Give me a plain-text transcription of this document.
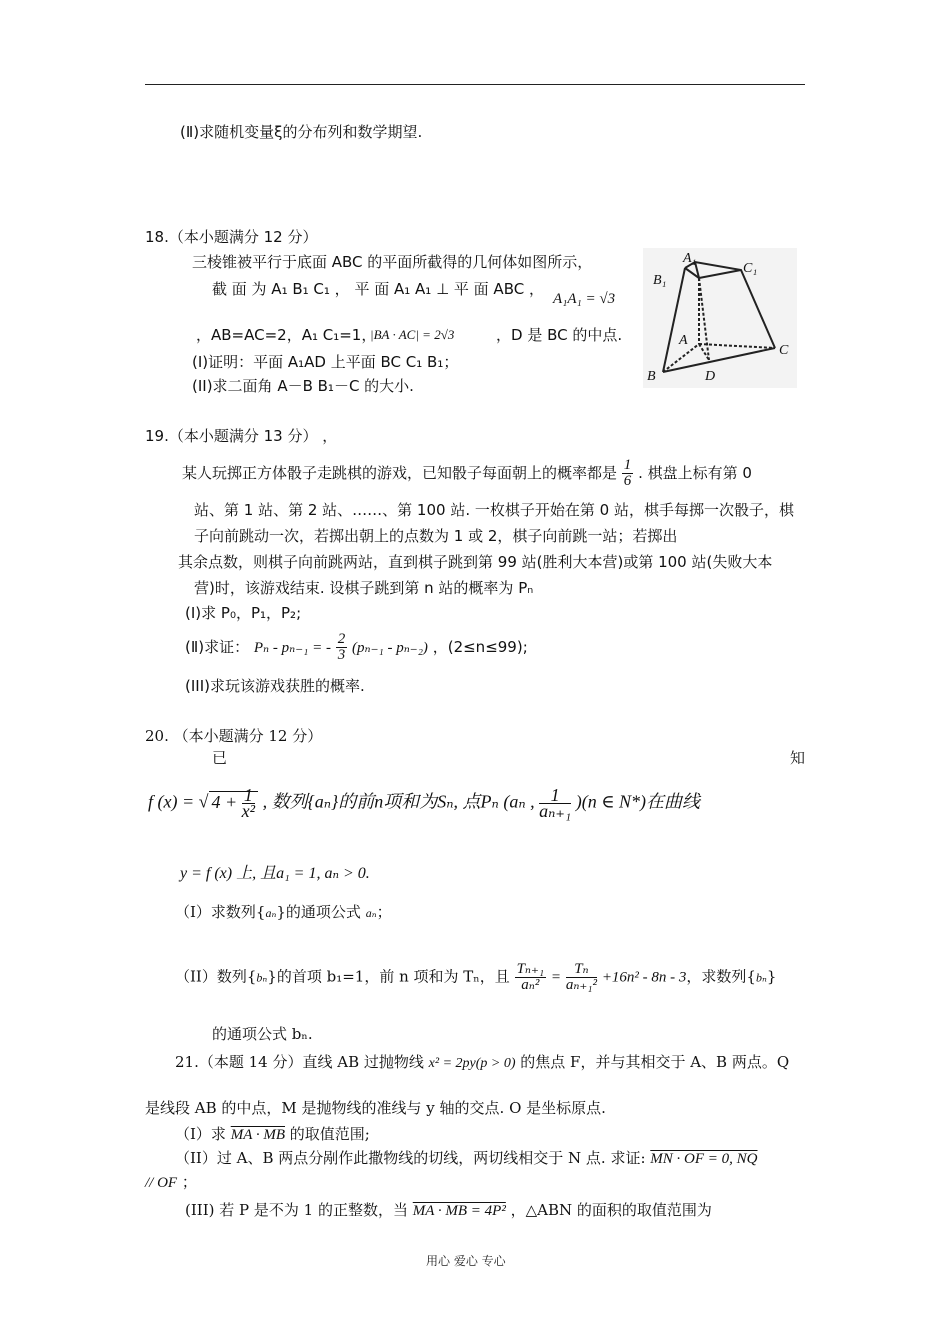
(Ⅱ)求随机变量ξ的分布列和数学期望.
18.（本小题满分 12 分）
三棱锥被平行于底面 ABC 的平面所截得的几何体如图所示，
截 面 为 A₁ B₁ C₁ ， 平 面 A₁ A₁ ⊥ 平 面 ABC ，
A₁A₁ = √3
，AB=AC=2，A₁ C₁=1，
|BA · AC| = 2√3	，D 是 BC 的中点.
(I)证明：平面 A₁AD 上平面 BC C₁ B₁；
(II)求二面角 A－B B₁－C 的大小.
A₁
C₁
B₁
A
C
B	D
19.（本小题满分 13 分） ，
某人玩掷正方体骰子走跳棋的游戏，已知骰子每面朝上的概率都是 $\frac{1}{6}$ . 棋盘上标有第 0
站、第 1 站、第 2 站、……、第 100 站. 一枚棋子开始在第 0 站，棋手每掷一次骰子，棋
子向前跳动一次，若掷出朝上的点数为 1 或 2，棋子向前跳一站；若掷出
其余点数，则棋子向前跳两站，直到棋子跳到第 99 站(胜利大本营)或第 100 站(失败大本
营)时，该游戏结束. 设棋子跳到第 n 站的概率为 Pₙ
(I)求 P₀，P₁，P₂;
(Ⅱ)求证： Pₙ - pₙ₋₁ = - $\frac{2}{3} (p_{n-1} - p_{n-2})$ ，(2≤n≤99);
(III)求玩该游戏获胜的概率.
20. （本小题满分 12 分）
已	知
f (x) = √ $4 + \frac{1}{\text{x²}}$ , 数列{aₙ}的前n项和为Sₙ, 点Pₙ (aₙ , $\frac{1}{\text{aₙ₊₁}} )(n$ ∈ N*)在曲线
y = f (x) 上, 且a₁ = 1, aₙ > 0.
（I）求数列{aₙ}的通项公式 aₙ；
（II）数列{bₙ}的首项 b₁=1，前 n 项和为 Tₙ，且 $\frac{\text{Tₙ₊₁}}{\text{aₙ²}} = \frac{\text{Tₙ}}{\text{aₙ₊₁²}} +16n^2 - 8n - 3$，求数列{bₙ}
的通项公式 bₙ.
21.（本题 14 分）直线 AB 过抛物线 x² = 2py(p > 0) 的焦点 F，并与其相交于 A、B 两点。Q
是线段 AB 的中点，M 是抛物线的准线与 y 轴的交点. O 是坐标原点.
（I）求 MA · MB 的取值范围;
（II）过 A、B 两点分剐作此撒物线的切线，两切线相交于 N 点. 求证: MN · OF = 0, NQ
// OF ；
(III) 若 P 是不为 1 的正整数，当 MA · MB = 4P² ，△ABN 的面积的取值范围为
用心 爱心 专心
